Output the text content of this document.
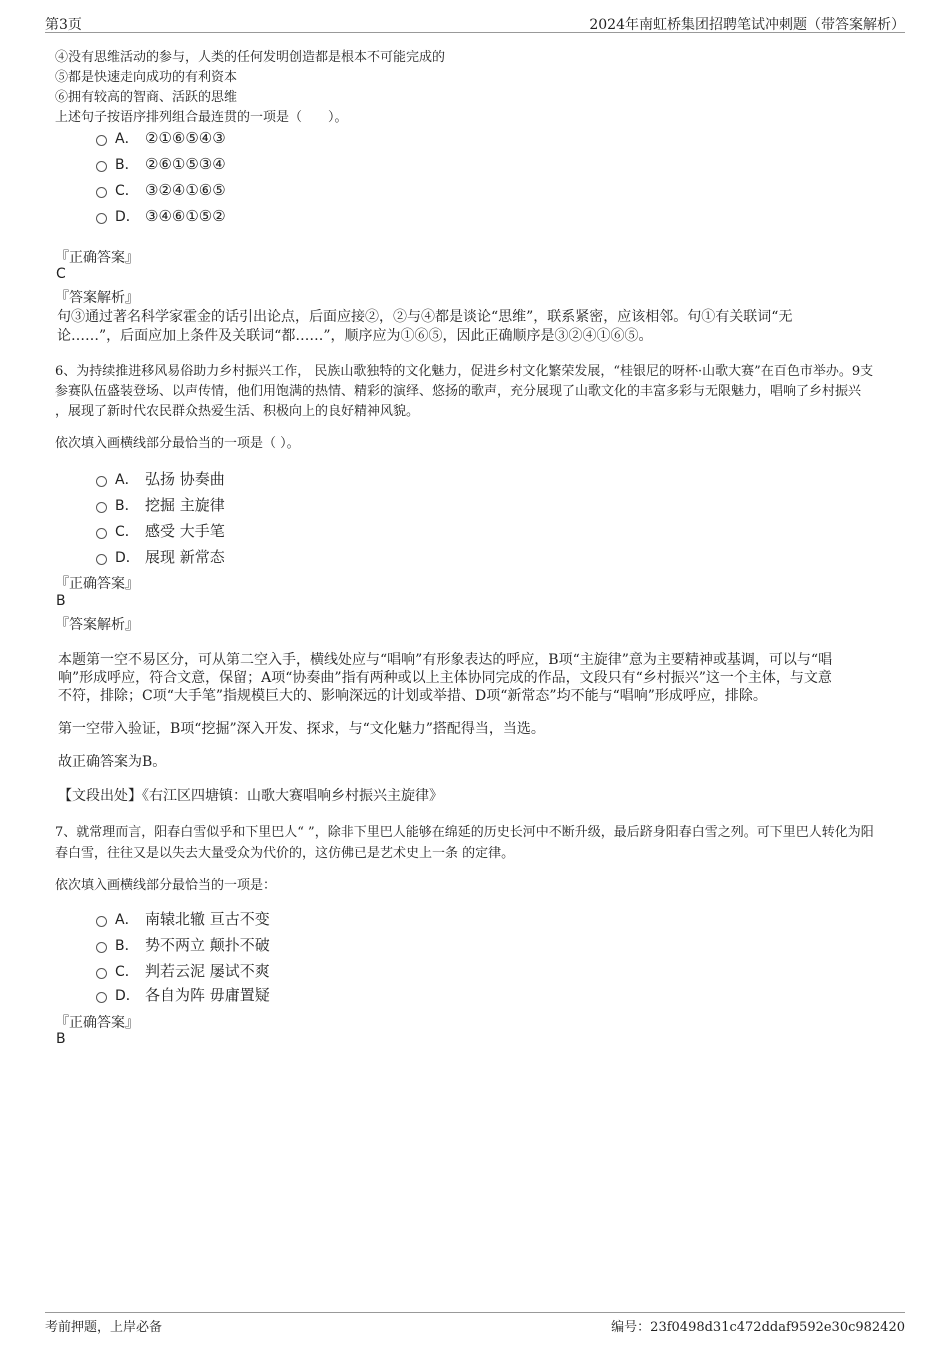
第3页	2024年南虹桥集团招聘笔试冲刺题（带答案解析）
④没有思维活动的参与，人类的任何发明创造都是根本不可能完成的
⑤都是快速走向成功的有利资本
⑥拥有较高的智商、活跃的思维
上述句子按语序排列组合最连贯的一项是（　　）。
A． ②①⑥⑤④③
B． ②⑥①⑤③④
C． ③②④①⑥⑤
D． ③④⑥①⑤②
『正确答案』
C
『答案解析』
句③通过著名科学家霍金的话引出论点，后面应接②，②与④都是谈论“思维”，联系紧密，应该相邻。句①有关联词“无
论……”，后面应加上条件及关联词“都……”，顺序应为①⑥⑤，因此正确顺序是③②④①⑥⑤。
6、为持续推进移风易俗助力乡村振兴工作， 民族山歌独特的文化魅力，促进乡村文化繁荣发展，“桂银尼的呀杯·山歌大赛”在百色市举办。9支
参赛队伍盛装登场、以声传情，他们用饱满的热情、精彩的演绎、悠扬的歌声，充分展现了山歌文化的丰富多彩与无限魅力，唱响了乡村振兴
，展现了新时代农民群众热爱生活、积极向上的良好精神风貌。
依次填入画横线部分最恰当的一项是（ ）。
A． 弘扬 协奏曲
B． 挖掘 主旋律
C． 感受 大手笔
D． 展现 新常态
『正确答案』
B
『答案解析』
本题第一空不易区分，可从第二空入手，横线处应与“唱响”有形象表达的呼应，B项“主旋律”意为主要精神或基调，可以与“唱
响”形成呼应，符合文意，保留；A项“协奏曲”指有两种或以上主体协同完成的作品，文段只有“乡村振兴”这一个主体，与文意
不符，排除；C项“大手笔”指规模巨大的、影响深远的计划或举措、D项“新常态”均不能与“唱响”形成呼应，排除。
第一空带入验证，B项“挖掘”深入开发、探求，与“文化魅力”搭配得当，当选。
故正确答案为B。
【文段出处】《右江区四塘镇：山歌大赛唱响乡村振兴主旋律》
7、就常理而言，阳春白雪似乎和下里巴人“ ”，除非下里巴人能够在绵延的历史长河中不断升级，最后跻身阳春白雪之列。可下里巴人转化为阳
春白雪，往往又是以失去大量受众为代价的，这仿佛已是艺术史上一条 的定律。
依次填入画横线部分最恰当的一项是：
A． 南辕北辙 亘古不变
B． 势不两立 颠扑不破
C． 判若云泥 屡试不爽
D． 各自为阵 毋庸置疑
『正确答案』
B
考前押题，上岸必备	编号：23f0498d31c472ddaf9592e30c982420
